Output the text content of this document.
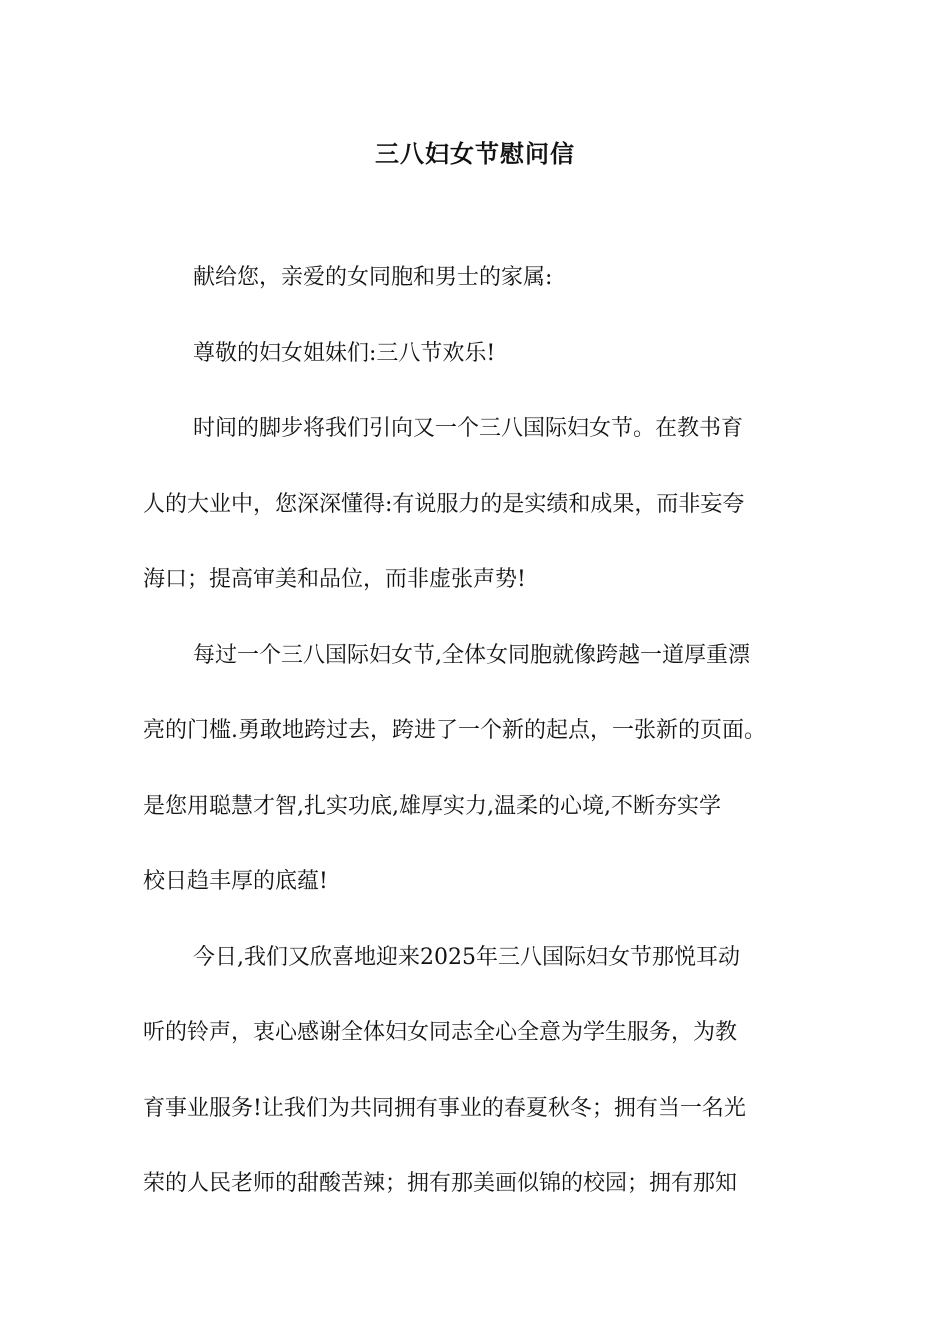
三八妇女节慰问信
献给您，亲爱的女同胞和男士的家属:
尊敬的妇女姐妹们:三八节欢乐!
时间的脚步将我们引向又一个三八国际妇女节。在教书育
人的大业中，您深深懂得:有说服力的是实绩和成果，而非妄夸
海口；提高审美和品位，而非虚张声势!
每过一个三八国际妇女节,全体女同胞就像跨越一道厚重漂
亮的门槛.勇敢地跨过去，跨进了一个新的起点，一张新的页面。
是您用聪慧才智,扎实功底,雄厚实力,温柔的心境,不断夯实学
校日趋丰厚的底蕴!
今日,我们又欣喜地迎来2025年三八国际妇女节那悦耳动
听的铃声，衷心感谢全体妇女同志全心全意为学生服务，为教
育事业服务!让我们为共同拥有事业的春夏秋冬；拥有当一名光
荣的人民老师的甜酸苦辣；拥有那美画似锦的校园；拥有那知
